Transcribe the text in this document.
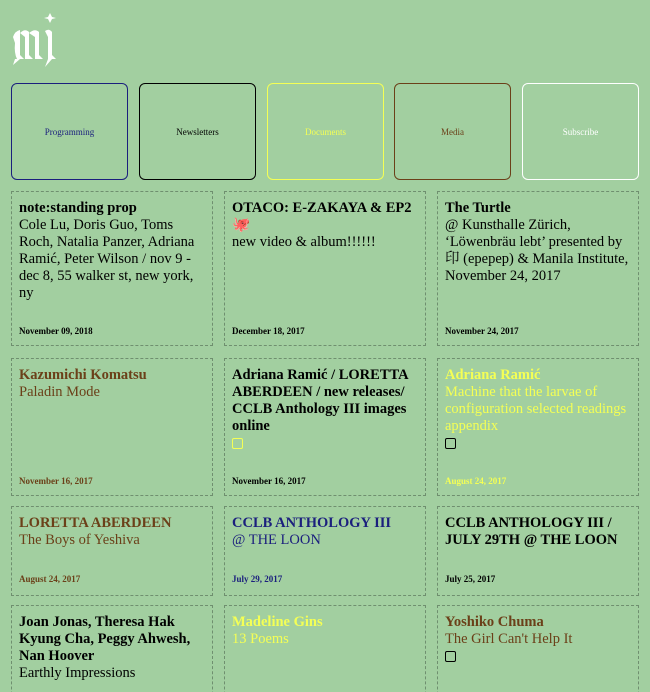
Programming	Newsletters	Documents	Media	Subscribe
note:standing prop
Cole Lu, Doris Guo, Toms Roch, Natalia Panzer, Adriana Ramić, Peter Wilson / nov 9 - dec 8, 55 walker st, new york, ny
November 09, 2018
OTACO: E-ZAKAYA & EP2 🐙
new video & album!!!!!!
December 18, 2017
The Turtle
@ Kunsthalle Zürich, ‘Löwenbräu lebt’ presented by 印 (epepep) & Manila Institute, November 24, 2017
November 24, 2017
Kazumichi Komatsu
Paladin Mode
November 16, 2017
Adriana Ramić / LORETTA ABERDEEN / new releases/ CCLB Anthology III images online
November 16, 2017
Adriana Ramić
Machine that the larvae of configuration selected readings appendix
August 24, 2017
LORETTA ABERDEEN
The Boys of Yeshiva
August 24, 2017
CCLB ANTHOLOGY III
@ THE LOON
July 29, 2017
CCLB ANTHOLOGY III / JULY 29TH @ THE LOON
July 25, 2017
Joan Jonas, Theresa Hak Kyung Cha, Peggy Ahwesh, Nan Hoover
Earthly Impressions
Madeline Gins
13 Poems
Yoshiko Chuma
The Girl Can't Help It
